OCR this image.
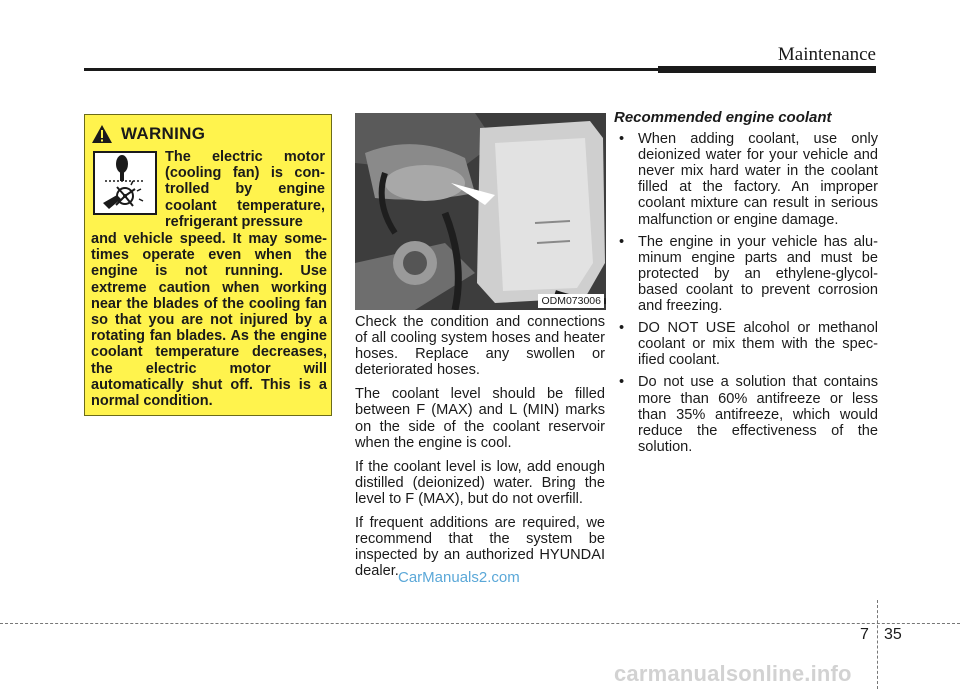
Maintenance
WARNING

The electric motor (cooling fan) is con-trolled by engine coolant temperature, refrigerant pressure

and vehicle speed. It may some-times operate even when the engine is not running. Use extreme caution when working near the blades of the cooling fan so that you are not injured by a rotating fan blades. As the engine coolant temperature decreases, the electric motor will automatically shut off. This is a normal condition.

ODM073006

Check the condition and connections of all cooling system hoses and heater hoses. Replace any swollen or deteriorated hoses.

The coolant level should be filled between F (MAX) and L (MIN) marks on the side of the coolant reservoir when the engine is cool.

If the coolant level is low, add enough distilled (deionized) water. Bring the level to F (MAX), but do not overfill.

If frequent additions are required, we recommend that the system be inspected by an authorized HYUNDAI dealer.

Recommended engine coolant

• When adding coolant, use only deionized water for your vehicle and never mix hard water in the coolant filled at the factory. An improper coolant mixture can result in serious malfunction or engine damage.
• The engine in your vehicle has alu-minum engine parts and must be protected by an ethylene-glycol-based coolant to prevent corrosion and freezing.
• DO NOT USE alcohol or methanol coolant or mix them with the spec-ified coolant.
• Do not use a solution that contains more than 60% antifreeze or less than 35% antifreeze, which would reduce the effectiveness of the solution.
CarManuals2.com
7 35
carmanualsonline.info
